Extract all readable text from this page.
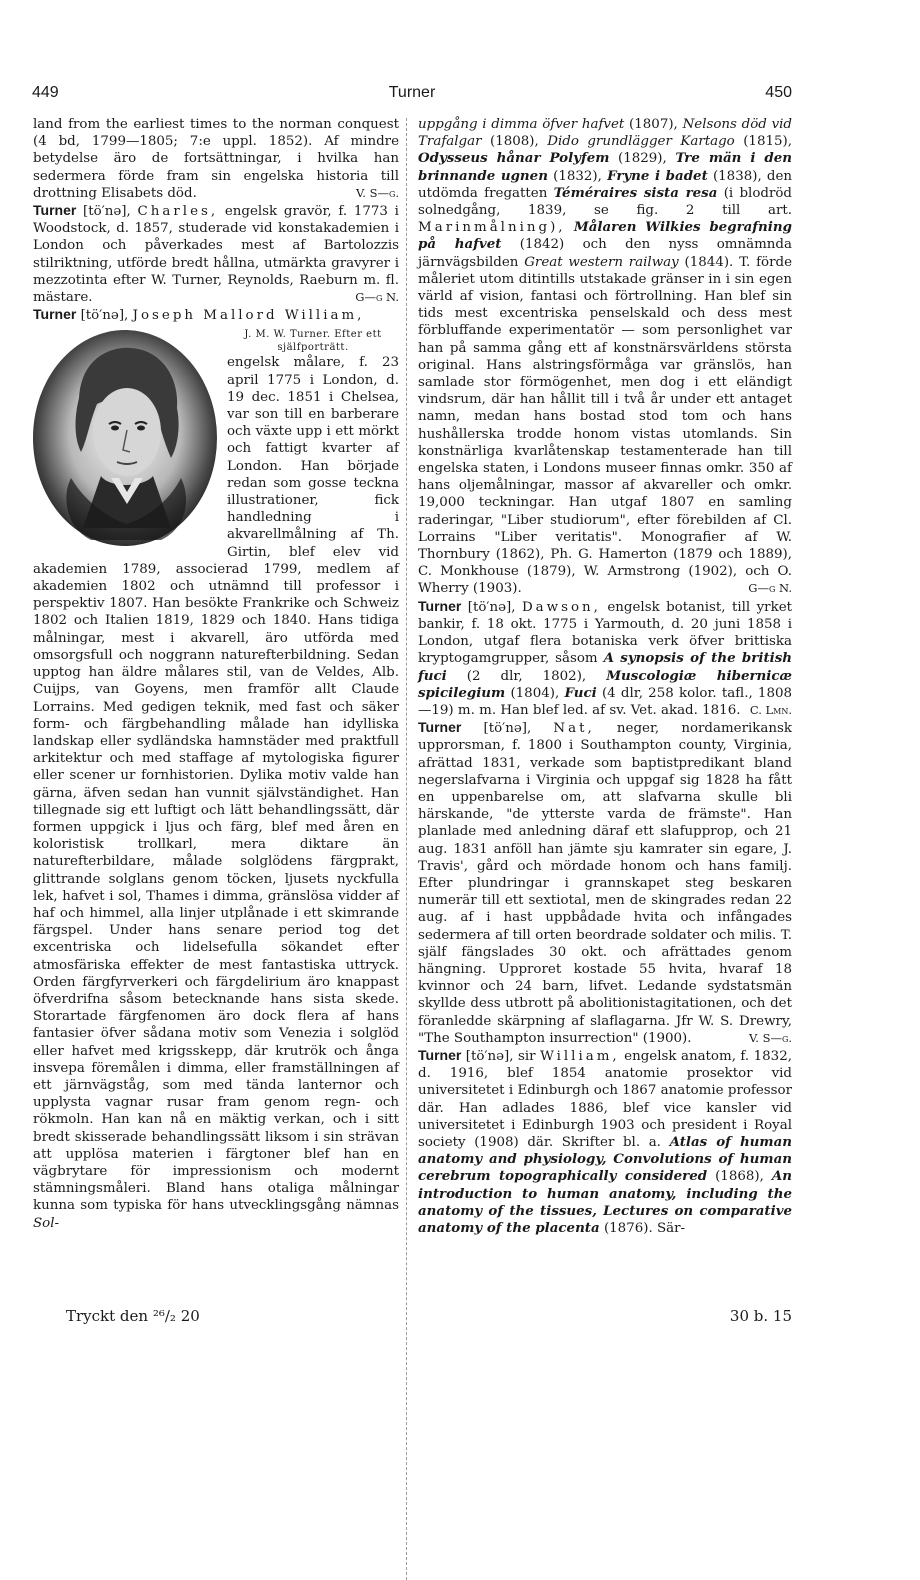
449	Turner	450

land from the earliest times to the norman conquest (4 bd, 1799—1805; 7:e uppl. 1852). Af mindre betydelse äro de fortsättningar, i hvilka han sedermera förde fram sin engelska historia till drottning Elisabets död.	V. S—g.

Turner [tö′nə], Charles, engelsk gravör, f. 1773 i Woodstock, d. 1857, studerade vid konstakademien i London och påverkades mest af Bartolozzis stilriktning, utförde bredt hållna, utmärkta gravyrer i mezzotinta efter W. Turner, Reynolds, Raeburn m. fl. mästare.	G—g N.

Turner [tö′nə], Joseph Mallord William,

J. M. W. Turner. Efter ett själfporträtt.
engelsk målare, f. 23 april 1775 i London, d. 19 dec. 1851 i Chelsea, var son till en barberare och växte upp i ett mörkt och fattigt kvarter af London. Han började redan som gosse teckna illustrationer, fick handledning i akvarellmålning af Th. Girtin, blef elev vid akademien 1789, associerad 1799, medlem af akademien 1802 och utnämnd till professor i perspektiv 1807. Han besökte Frankrike och Schweiz 1802 och Italien 1819, 1829 och 1840. Hans tidiga målningar, mest i akvarell, äro utförda med omsorgsfull och noggrann naturefterbildning. Sedan upptog han äldre målares stil, van de Veldes, Alb. Cuijps, van Goyens, men framför allt Claude Lorrains. Med gedigen teknik, med fast och säker form- och färgbehandling målade han idylliska landskap eller sydländska hamnstäder med praktfull arkitektur och med staffage af mytologiska figurer eller scener ur fornhistorien. Dylika motiv valde han gärna, äfven sedan han vunnit självständighet. Han tillegnade sig ett luftigt och lätt behandlingssätt, där formen uppgick i ljus och färg, blef med åren en koloristisk trollkarl, mera diktare än naturefterbildare, målade solglödens färgprakt, glittrande solglans genom töcken, ljusets nyckfulla lek, hafvet i sol, Thames i dimma, gränslösa vidder af haf och himmel, alla linjer utplånade i ett skimrande färgspel. Under hans senare period tog det excentriska och lidelsefulla sökandet efter atmosfäriska effekter de mest fantastiska uttryck. Orden färgfyrverkeri och färgdelirium äro knappast öfverdrifna såsom betecknande hans sista skede. Storartade färgfenomen äro dock flera af hans fantasier öfver sådana motiv som Venezia i solglöd eller hafvet med krigsskepp, där krutrök och ånga insvepa föremålen i dimma, eller framställningen af ett järnvägståg, som med tända lanternor och upplysta vagnar rusar fram genom regn- och rökmoln. Han kan nå en mäktig verkan, och i sitt bredt skisserade behandlingssätt liksom i sin strävan att upplösa materien i färgtoner blef han en vägbrytare för impressionism och modernt stämningsmåleri. Bland hans otaliga målningar kunna som typiska för hans utvecklingsgång nämnas Sol-

uppgång i dimma öfver hafvet (1807), Nelsons död vid Trafalgar (1808), Dido grundlägger Kartago (1815), Odysseus hånar Polyfem (1829), Tre män i den brinnande ugnen (1832), Fryne i badet (1838), den utdömda fregatten Téméraires sista resa (i blodröd solnedgång, 1839, se fig. 2 till art. Marinmålning), Målaren Wilkies begrafning på hafvet (1842) och den nyss omnämnda järnvägsbilden Great western railway (1844). T. förde måleriet utom ditintills utstakade gränser in i sin egen värld af vision, fantasi och förtrollning. Han blef sin tids mest excentriska penselskald och dess mest förbluffande experimentatör — som personlighet var han på samma gång ett af konstnärsvärldens största original. Hans alstringsförmåga var gränslös, han samlade stor förmögenhet, men dog i ett eländigt vindsrum, där han hållit till i två år under ett antaget namn, medan hans bostad stod tom och hans hushållerska trodde honom vistas utomlands. Sin konstnärliga kvarlåtenskap testamenterade han till engelska staten, i Londons museer finnas omkr. 350 af hans oljemålningar, massor af akvareller och omkr. 19,000 teckningar. Han utgaf 1807 en samling raderingar, "Liber studiorum", efter förebilden af Cl. Lorrains "Liber veritatis". Monografier af W. Thornbury (1862), Ph. G. Hamerton (1879 och 1889), C. Monkhouse (1879), W. Armstrong (1902), och O. Wherry (1903).	G—g N.

Turner [tö′nə], Dawson, engelsk botanist, till yrket bankir, f. 18 okt. 1775 i Yarmouth, d. 20 juni 1858 i London, utgaf flera botaniska verk öfver brittiska kryptogamgrupper, såsom A synopsis of the british fuci (2 dlr, 1802), Muscologiæ hibernicæ spicilegium (1804), Fuci (4 dlr, 258 kolor. tafl., 1808—19) m. m. Han blef led. af sv. Vet. akad. 1816. C. Lmn.

Turner [tö′nə], Nat, neger, nordamerikansk upprorsman, f. 1800 i Southampton county, Virginia, afrättad 1831, verkade som baptistpredikant bland negerslafvarna i Virginia och uppgaf sig 1828 ha fått en uppenbarelse om, att slafvarna skulle bli härskande, "de ytterste varda de främste". Han planlade med anledning däraf ett slafupprор, och 21 aug. 1831 anföll han jämte sju kamrater sin egare, J. Travis', gård och mördade honom och hans familj. Efter plundringar i grannskapet steg beskaren numerär till ett sextiotal, men de skingrades redan 22 aug. af i hast uppbådade hvita och infångades sedermera af till orten beordrade soldater och milis. T. själf fängslades 30 okt. och afrättades genom hängning. Upproret kostade 55 hvita, hvaraf 18 kvinnor och 24 barn, lifvet. Ledande sydstatsmän skyllde dess utbrott på abolitionistagitationen, och det föranledde skärpning af slaflagarna. Jfr W. S. Drewry, "The Southampton insurrection" (1900).	V. S—g.

Turner [tö′nə], sir William, engelsk anatom, f. 1832, d. 1916, blef 1854 anatomie prosektor vid universitetet i Edinburgh och 1867 anatomie professor där. Han adlades 1886, blef vice kansler vid universitetet i Edinburgh 1903 och president i Royal society (1908) där. Skrifter bl. a. Atlas of human anatomy and physiology, Convolutions of human cerebrum topographically considered (1868), An introduction to human anatomy, including the anatomy of the tissues, Lectures on comparative anatomy of the placenta (1876). Sär-

Tryckt den ²⁶/₂ 20	30 b. 15
